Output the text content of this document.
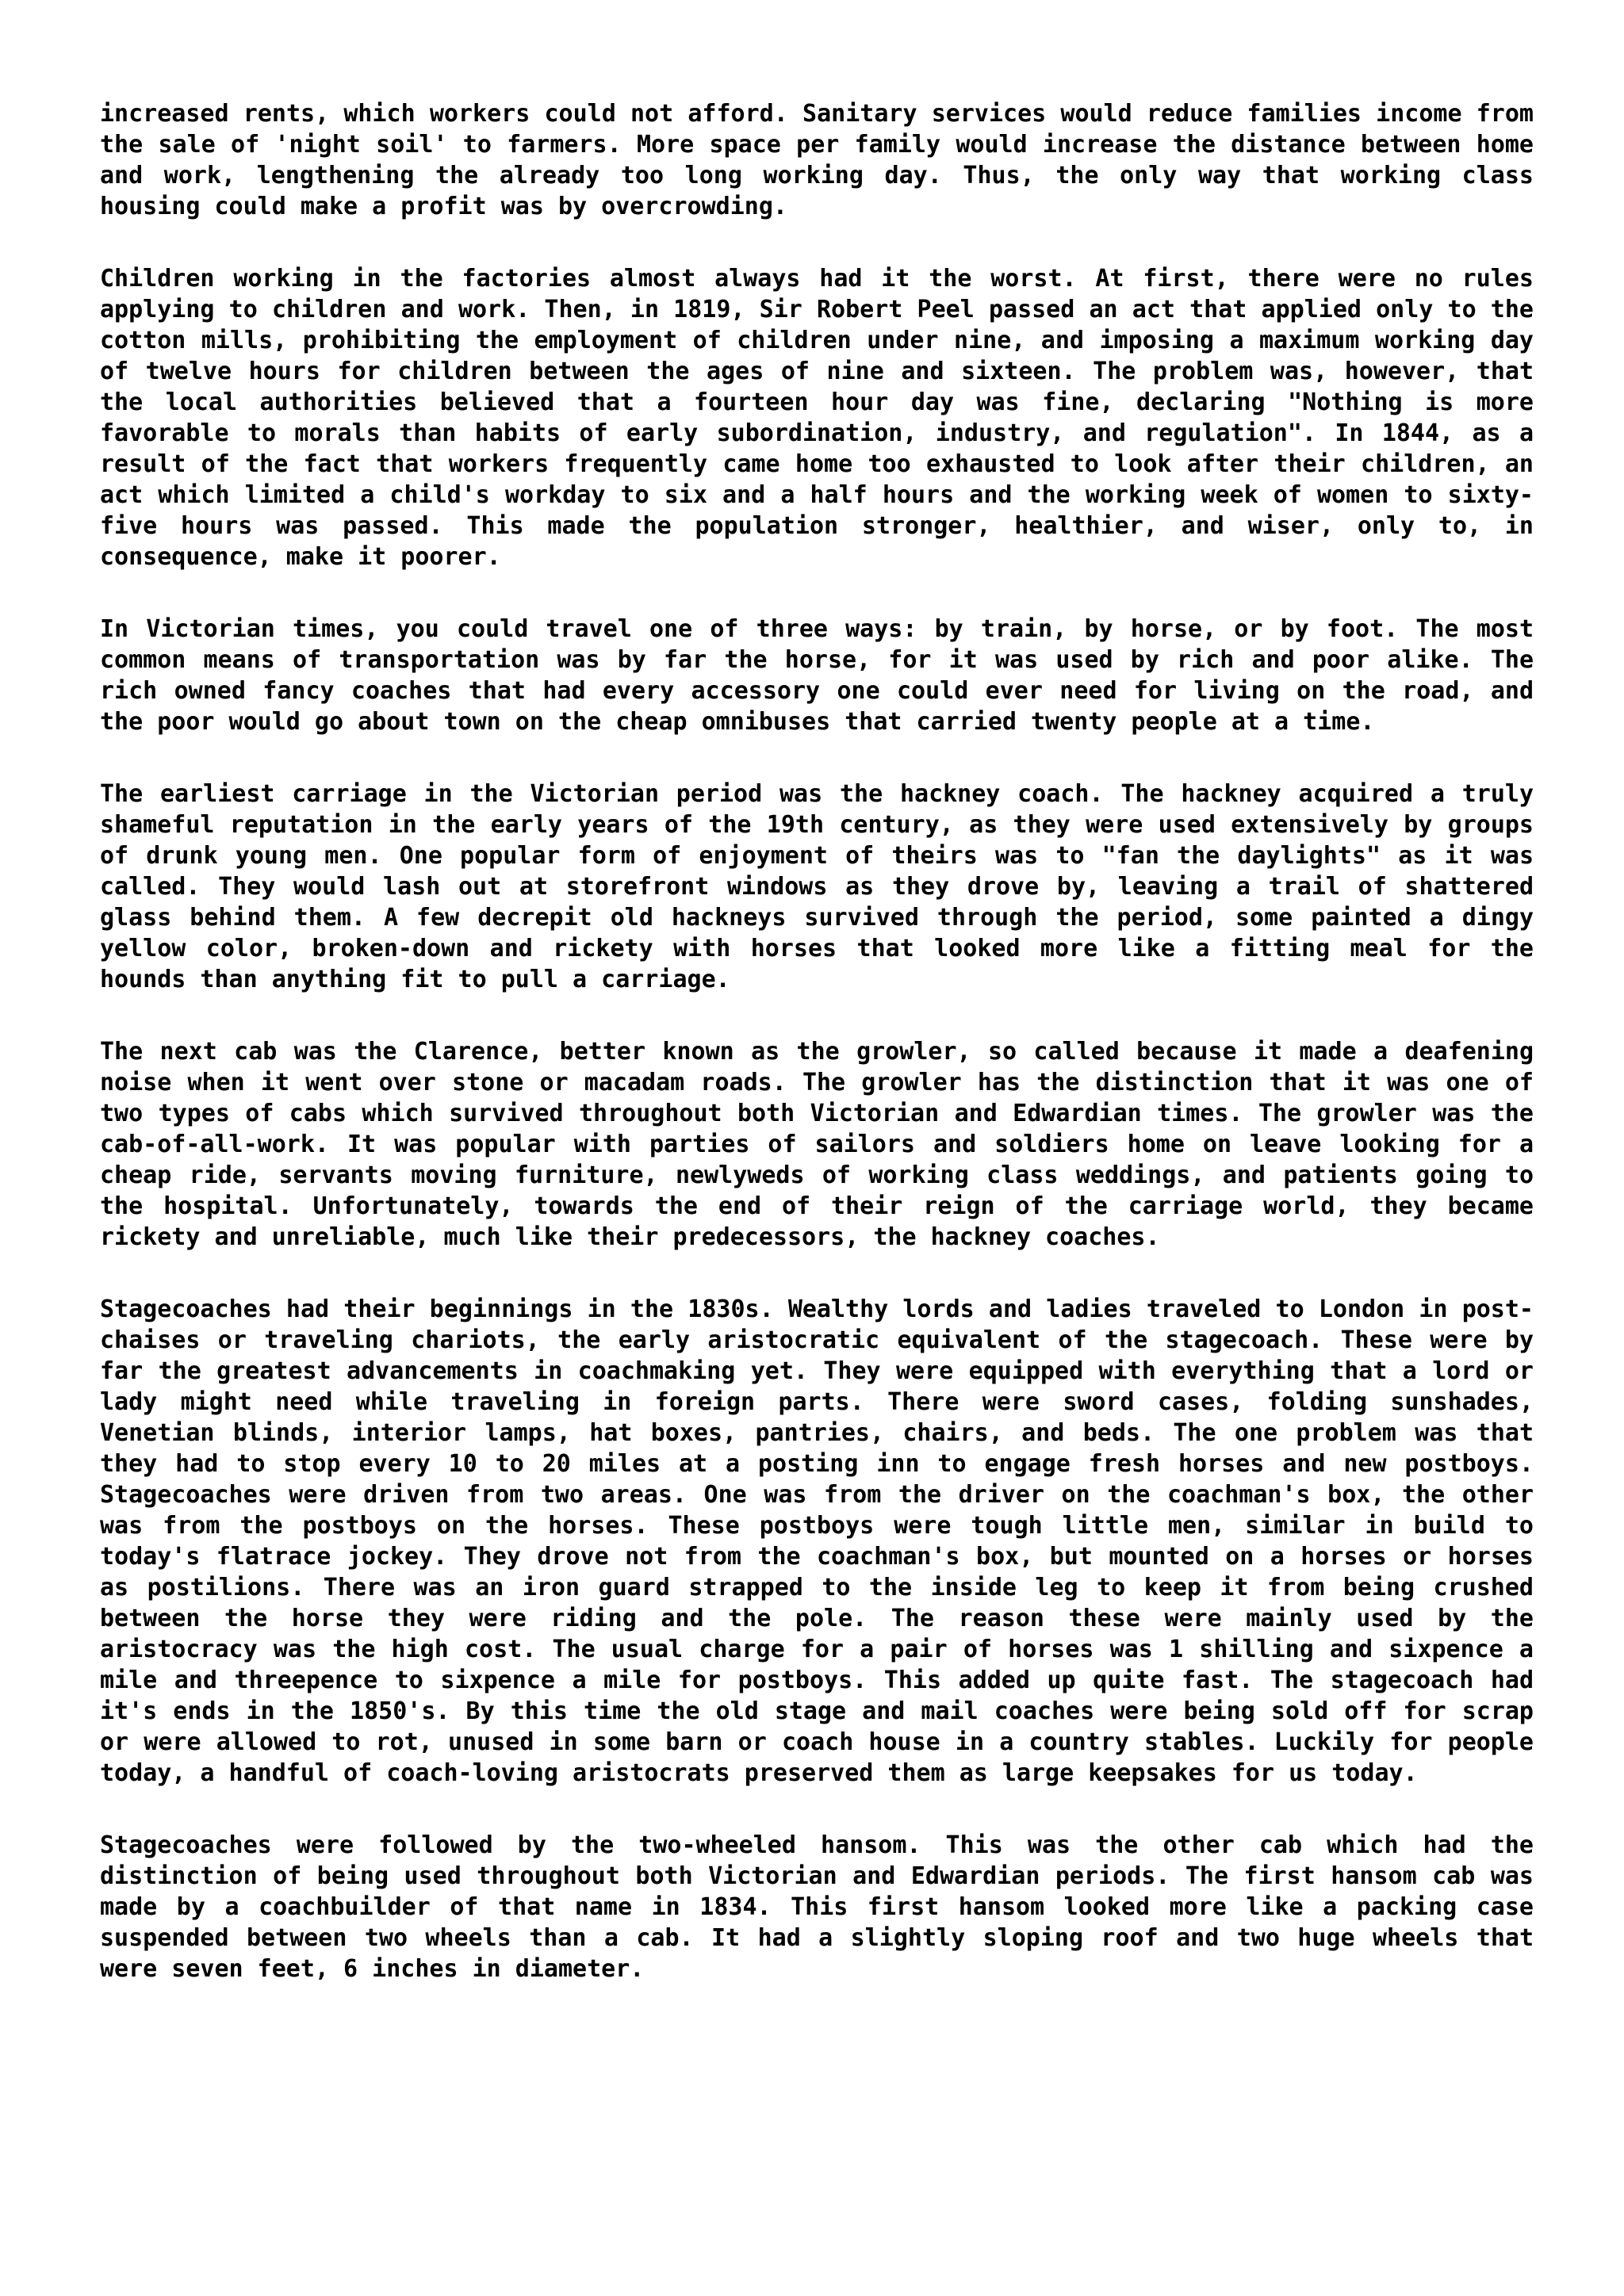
increased rents, which workers could not afford. Sanitary services would reduce families income from the sale of 'night soil' to farmers. More space per family would increase the distance between home and work, lengthening the already too long working day. Thus, the only way that working class housing could make a profit was by overcrowding.

Children working in the factories almost always had it the worst. At first, there were no rules applying to children and work. Then, in 1819, Sir Robert Peel passed an act that applied only to the cotton mills, prohibiting the employment of children under nine, and imposing a maximum working day of twelve hours for children between the ages of nine and sixteen. The problem was, however, that the local authorities believed that a fourteen hour day was fine, declaring "Nothing is more favorable to morals than habits of early subordination, industry, and regulation". In 1844, as a result of the fact that workers frequently came home too exhausted to look after their children, an act which limited a child's workday to six and a half hours and the working week of women to sixty-five hours was passed. This made the population stronger, healthier, and wiser, only to, in consequence, make it poorer.

In Victorian times, you could travel one of three ways: by train, by horse, or by foot. The most common means of transportation was by far the horse, for it was used by rich and poor alike. The rich owned fancy coaches that had every accessory one could ever need for living on the road, and the poor would go about town on the cheap omnibuses that carried twenty people at a time.

The earliest carriage in the Victorian period was the hackney coach. The hackney acquired a truly shameful reputation in the early years of the 19th century, as they were used extensively by groups of drunk young men. One popular form of enjoyment of theirs was to "fan the daylights" as it was called. They would lash out at storefront windows as they drove by, leaving a trail of shattered glass behind them. A few decrepit old hackneys survived through the period, some painted a dingy yellow color, broken-down and rickety with horses that looked more like a fitting meal for the hounds than anything fit to pull a carriage.

The next cab was the Clarence, better known as the growler, so called because it made a deafening noise when it went over stone or macadam roads. The growler has the distinction that it was one of two types of cabs which survived throughout both Victorian and Edwardian times. The growler was the cab-of-all-work. It was popular with parties of sailors and soldiers home on leave looking for a cheap ride, servants moving furniture, newlyweds of working class weddings, and patients going to the hospital. Unfortunately, towards the end of their reign of the carriage world, they became rickety and unreliable, much like their predecessors, the hackney coaches.

Stagecoaches had their beginnings in the 1830s. Wealthy lords and ladies traveled to London in post-chaises or traveling chariots, the early aristocratic equivalent of the stagecoach. These were by far the greatest advancements in coachmaking yet. They were equipped with everything that a lord or lady might need while traveling in foreign parts. There were sword cases, folding sunshades, Venetian blinds, interior lamps, hat boxes, pantries, chairs, and beds. The one problem was that they had to stop every 10 to 20 miles at a posting inn to engage fresh horses and new postboys. Stagecoaches were driven from two areas. One was from the driver on the coachman's box, the other was from the postboys on the horses. These postboys were tough little men, similar in build to today's flatrace jockey. They drove not from the coachman's box, but mounted on a horses or horses as postilions. There was an iron guard strapped to the inside leg to keep it from being crushed between the horse they were riding and the pole. The reason these were mainly used by the aristocracy was the high cost. The usual charge for a pair of horses was 1 shilling and sixpence a mile and threepence to sixpence a mile for postboys. This added up quite fast. The stagecoach had it's ends in the 1850's. By this time the old stage and mail coaches were being sold off for scrap or were allowed to rot, unused in some barn or coach house in a country stables. Luckily for people today, a handful of coach-loving aristocrats preserved them as large keepsakes for us today.

Stagecoaches were followed by the two-wheeled hansom. This was the other cab which had the distinction of being used throughout both Victorian and Edwardian periods. The first hansom cab was made by a coachbuilder of that name in 1834. This first hansom looked more like a packing case suspended between two wheels than a cab. It had a slightly sloping roof and two huge wheels that were seven feet, 6 inches in diameter.
